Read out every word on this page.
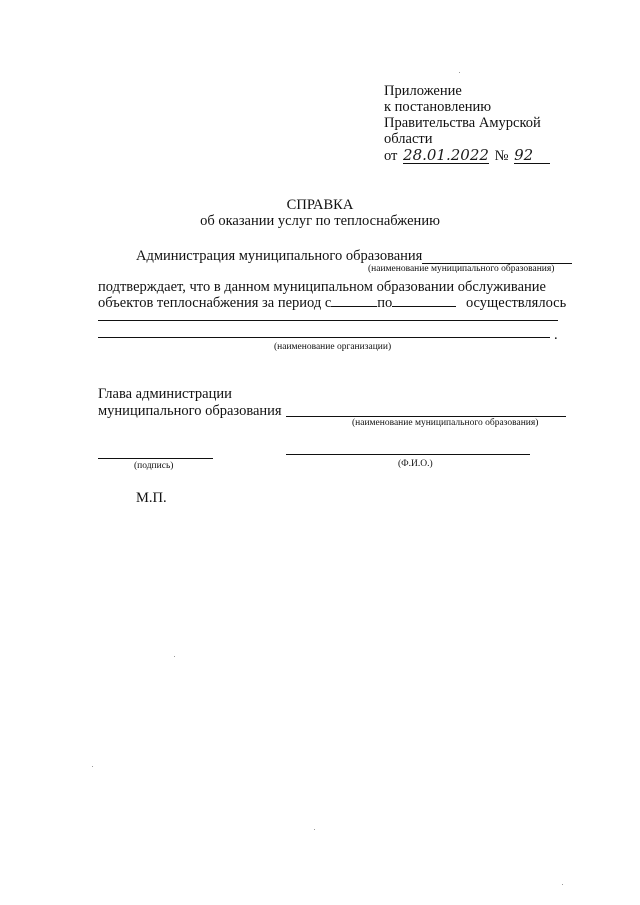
Приложение
к постановлению
Правительства Амурской
области
от 28.01.2022 № 92
СПРАВКА
об оказании услуг по теплоснабжению
Администрация муниципального образования
(наименование муниципального образования)
подтверждает, что в данном муниципальном образовании обслуживание
объектов теплоснабжения за период с	по	осуществлялось
.
(наименование организации)
Глава администрации
муниципального образования
(наименование муниципального образования)
(подпись)	(Ф.И.О.)
М.П.
